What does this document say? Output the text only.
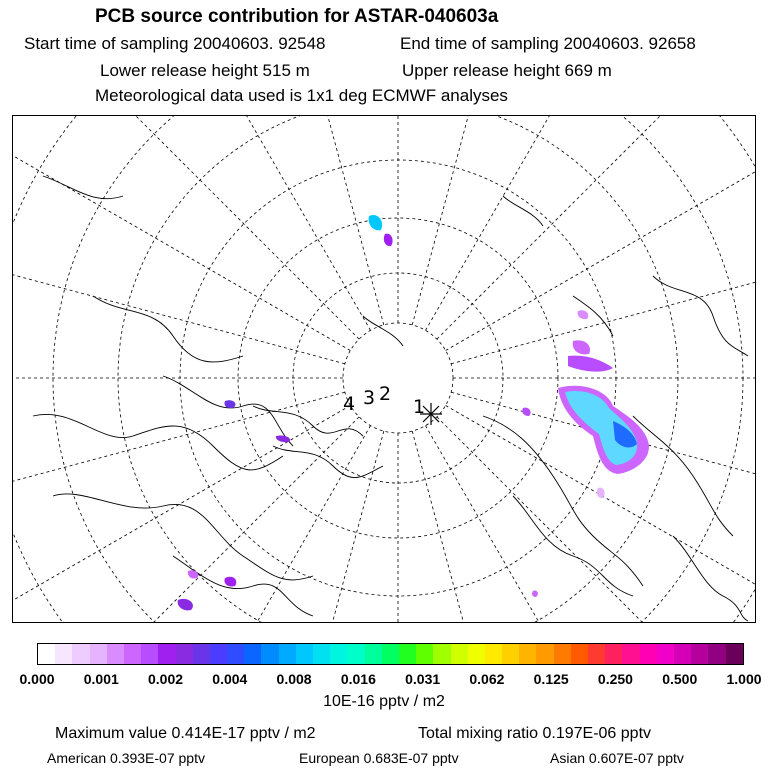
PCB source contribution for ASTAR-040603a
Start time of sampling 20040603. 92548	End time of sampling 20040603. 92658
Lower release height 515 m	Upper release height 669 m
Meteorological data used is 1x1 deg ECMWF analyses
3 2
1
4
0.000 0.001 0.002 0.004 0.008 0.016 0.031 0.062 0.125 0.250 0.500 1.000
10E-16 pptv / m2
Maximum value 0.414E-17 pptv / m2	Total mixing ratio 0.197E-06 pptv
American 0.393E-07 pptv	European 0.683E-07 pptv	Asian 0.607E-07 pptv
